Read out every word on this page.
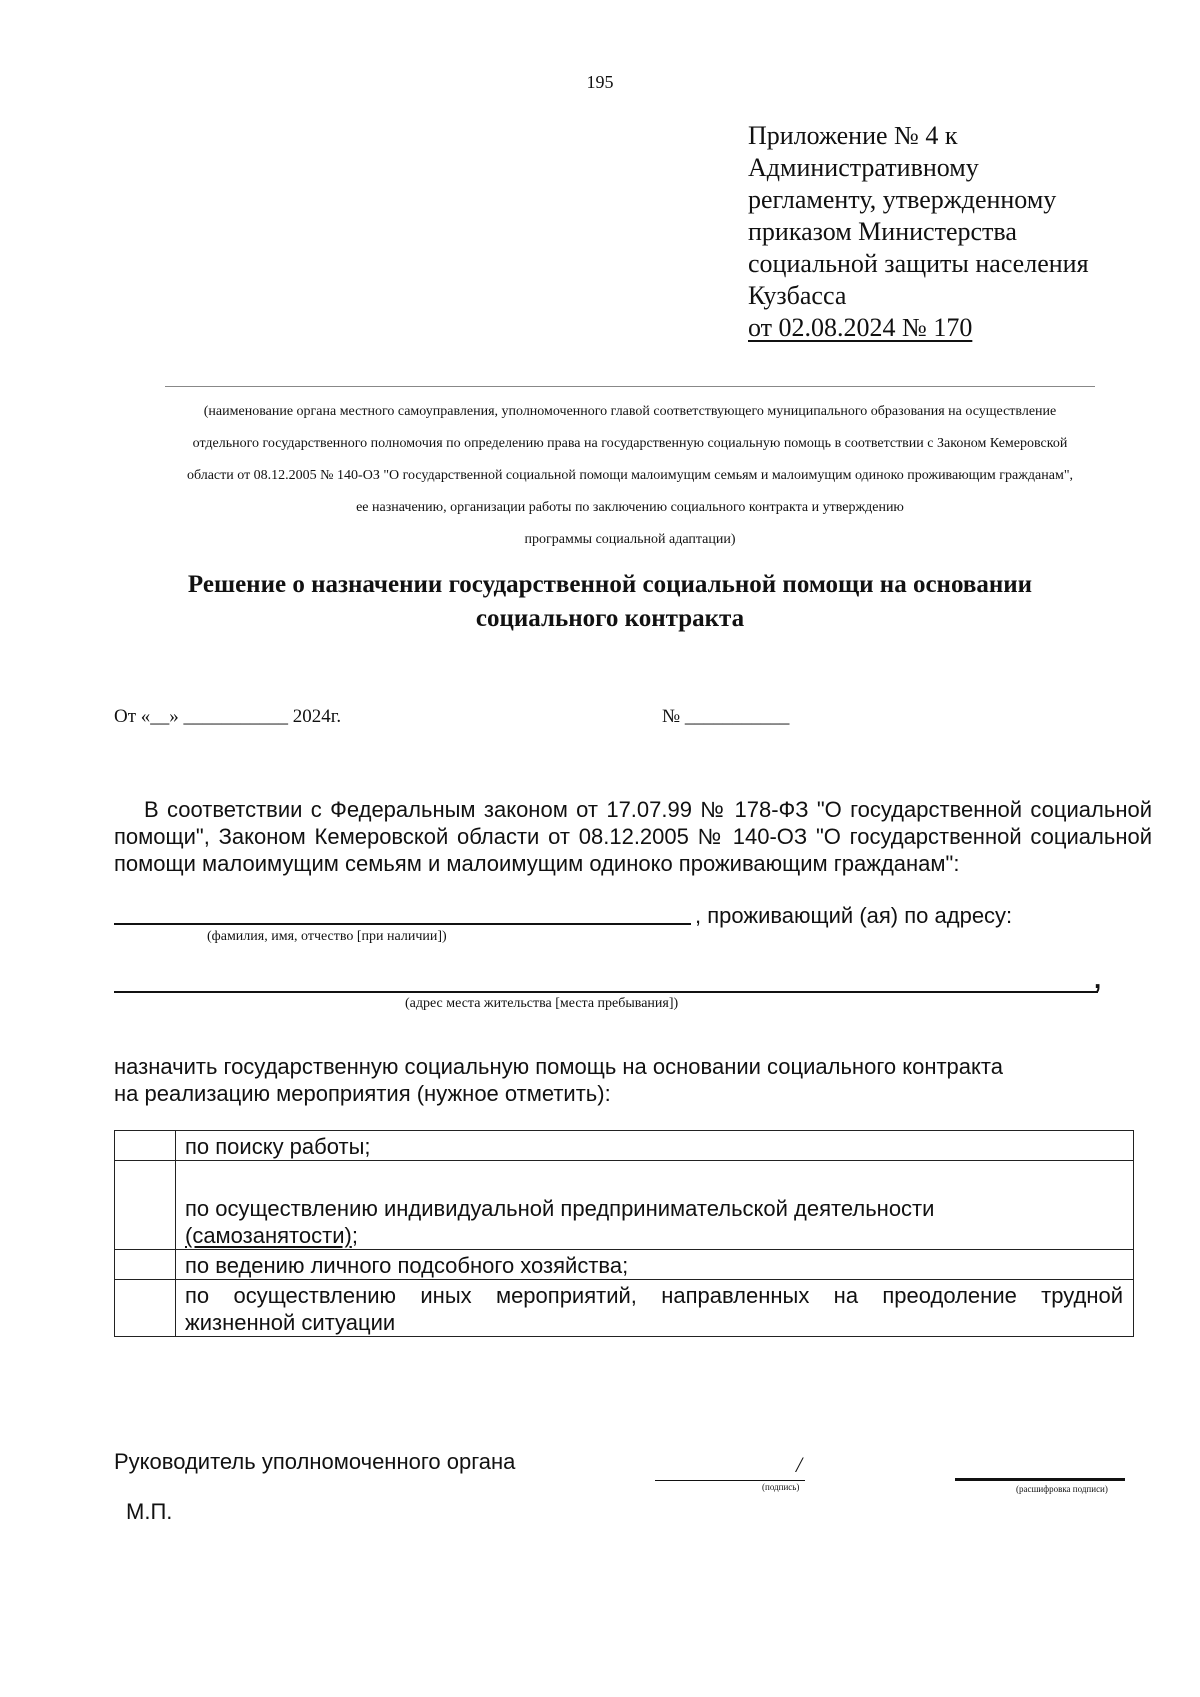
195
Приложение № 4 к
Административному
регламенту, утвержденному
приказом Министерства
социальной защиты населения
Кузбасса
от 02.08.2024 № 170
(наименование органа местного самоуправления, уполномоченного главой соответствующего муниципального образования на осуществление
отдельного государственного полномочия по определению права на государственную социальную помощь в соответствии с Законом Кемеровской
области от 08.12.2005 № 140-ОЗ "О государственной социальной помощи малоимущим семьям и малоимущим одиноко проживающим гражданам",
ее назначению, организации работы по заключению социального контракта и утверждению
программы социальной адаптации)
Решение о назначении государственной социальной помощи на основании
социального контракта
От «__» ___________ 2024г.	№ ___________
В соответствии с Федеральным законом от 17.07.99 № 178-ФЗ "О государственной социальной
помощи", Законом Кемеровской области от 08.12.2005 № 140-ОЗ "О государственной социальной
помощи малоимущим семьям и малоимущим одиноко проживающим гражданам":
, проживающий (ая) по адресу:
(фамилия, имя, отчество [при наличии])
,
(адрес места жительства [места пребывания])
назначить государственную социальную помощь на основании социального контракта
на реализацию мероприятия (нужное отметить):
	по поиску работы;

	по осуществлению индивидуальной предпринимательской деятельности
(самозанятости);

	по ведению личного подсобного хозяйства;

	по осуществлению иных мероприятий, направленных на преодоление трудной
жизненной ситуации
Руководитель уполномоченного органа	/
(подпись)	(расшифровка подписи)
М.П.
